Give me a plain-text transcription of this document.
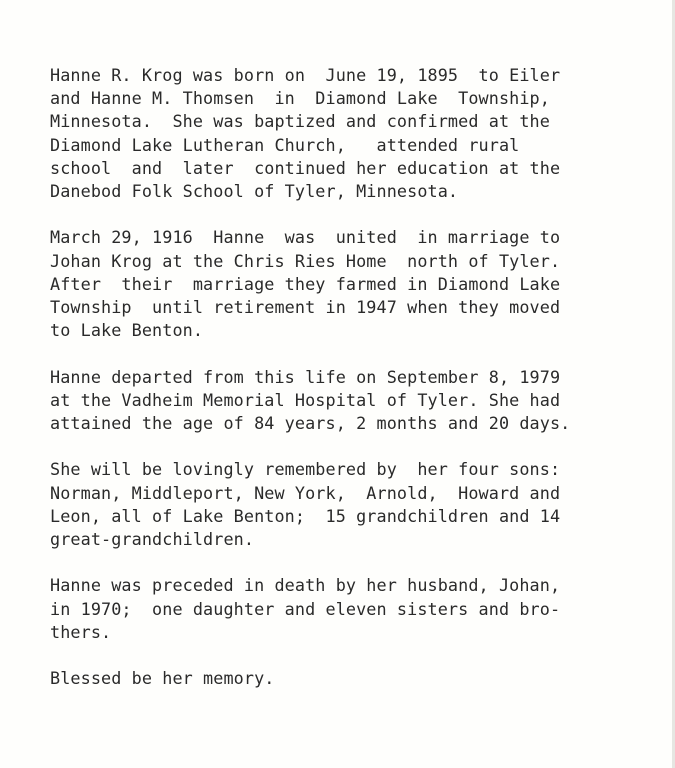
Hanne R. Krog was born on  June 19, 1895  to Eiler
and Hanne M. Thomsen  in  Diamond Lake  Township,
Minnesota.  She was baptized and confirmed at the
Diamond Lake Lutheran Church,   attended rural
school  and  later  continued her education at the
Danebod Folk School of Tyler, Minnesota.

March 29, 1916  Hanne  was  united  in marriage to
Johan Krog at the Chris Ries Home  north of Tyler.
After  their  marriage they farmed in Diamond Lake
Township  until retirement in 1947 when they moved
to Lake Benton.

Hanne departed from this life on September 8, 1979
at the Vadheim Memorial Hospital of Tyler. She had
attained the age of 84 years, 2 months and 20 days.

She will be lovingly remembered by  her four sons:
Norman, Middleport, New York,  Arnold,  Howard and
Leon, all of Lake Benton;  15 grandchildren and 14
great-grandchildren.

Hanne was preceded in death by her husband, Johan,
in 1970;  one daughter and eleven sisters and bro-
thers.

Blessed be her memory.
